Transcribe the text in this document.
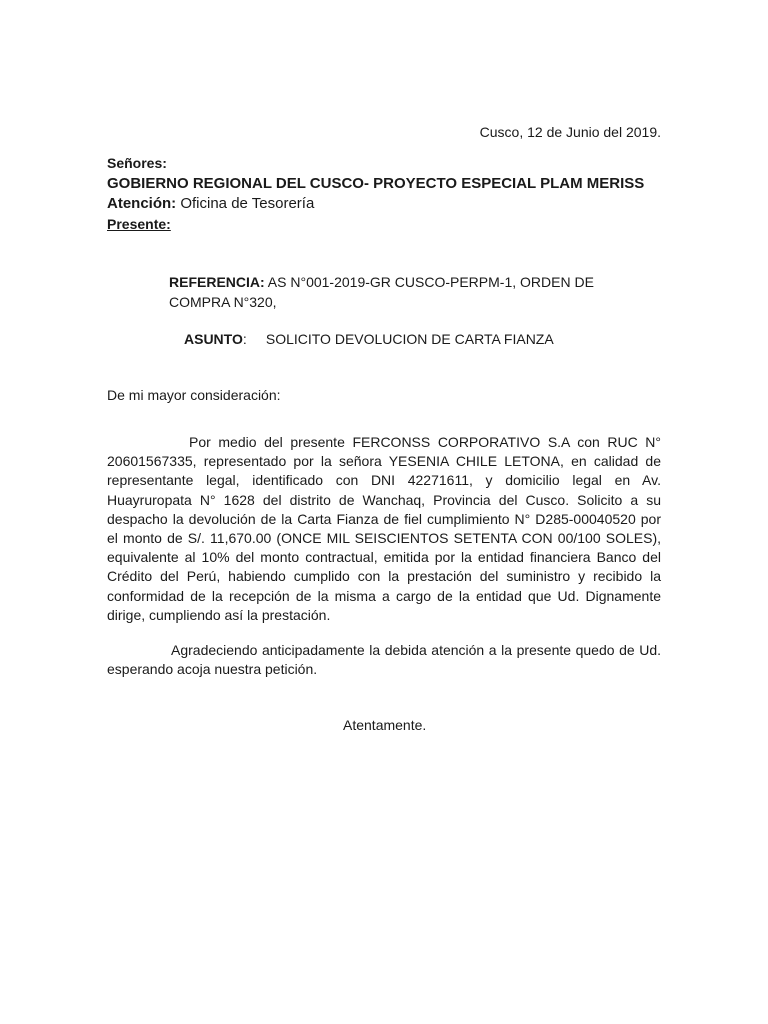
Cusco, 12 de Junio del 2019.
Señores:
GOBIERNO REGIONAL DEL CUSCO- PROYECTO ESPECIAL PLAM MERISS
Atención: Oficina de Tesorería
Presente:
REFERENCIA: AS N°001-2019-GR CUSCO-PERPM-1, ORDEN DE COMPRA N°320,
ASUNTO: SOLICITO DEVOLUCION DE CARTA FIANZA
De mi mayor consideración:

Por medio del presente FERCONSS CORPORATIVO S.A con RUC N° 20601567335, representado por la señora YESENIA CHILE LETONA, en calidad de representante legal, identificado con DNI 42271611, y domicilio legal en Av. Huayruropata N° 1628 del distrito de Wanchaq, Provincia del Cusco. Solicito a su despacho la devolución de la Carta Fianza de fiel cumplimiento N° D285-00040520 por el monto de S/. 11,670.00 (ONCE MIL SEISCIENTOS SETENTA CON 00/100 SOLES), equivalente al 10% del monto contractual, emitida por la entidad financiera Banco del Crédito del Perú, habiendo cumplido con la prestación del suministro y recibido la conformidad de la recepción de la misma a cargo de la entidad que Ud. Dignamente dirige, cumpliendo así la prestación.

Agradeciendo anticipadamente la debida atención a la presente quedo de Ud. esperando acoja nuestra petición.

Atentamente.
